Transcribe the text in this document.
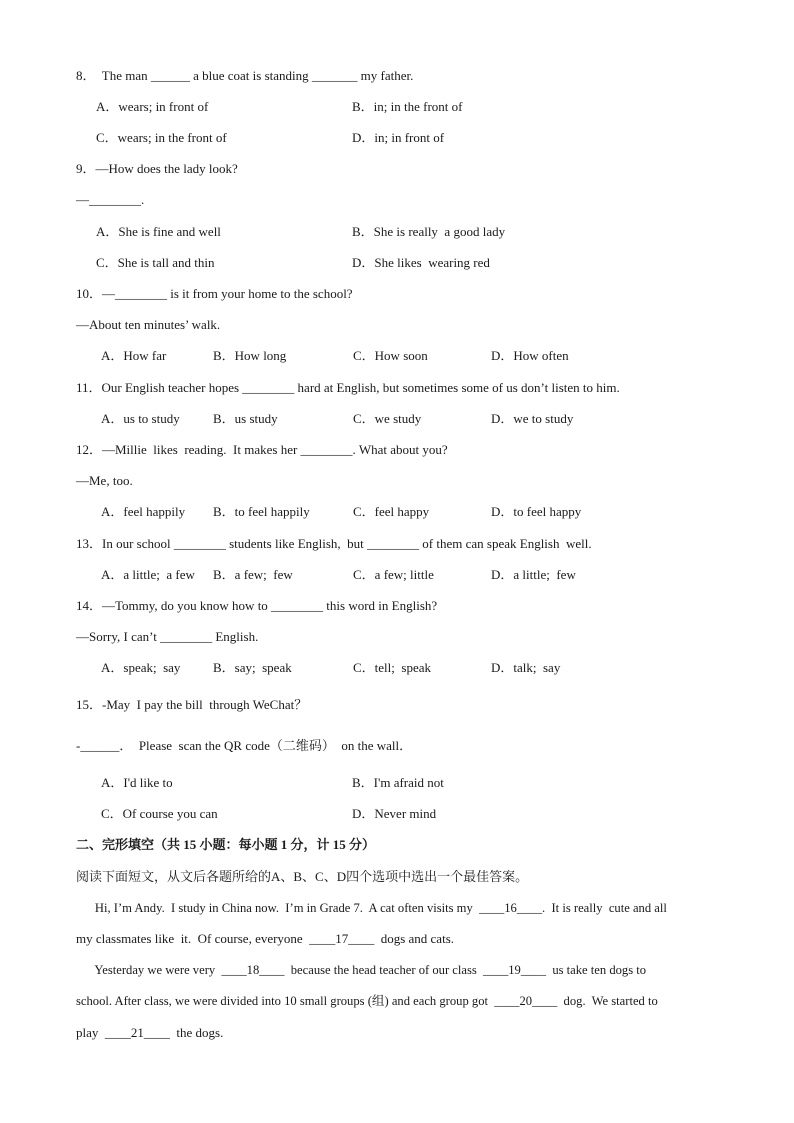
8．  The man ______ a blue coat is standing _______ my father.
A．wears; in front of	B．in; in the front of
C．wears; in the front of	D．in; in front of
9．—How does the lady look?
—________.
A．She is fine and well	B．She is really  a good lady
C．She is tall and thin	D．She likes  wearing red
10．—________ is it from your home to the school?
—About ten minutes’ walk.
A．How far	B．How long	C．How soon	D．How often
11．Our English teacher hopes ________ hard at English, but sometimes some of us don’t listen to him.
A．us to study	B．us study	C．we study	D．we to study
12．—Millie  likes  reading.  It makes her ________. What about you?
—Me, too.
A．feel happily B．to feel happily	C．feel happy	D．to feel happy
13．In our school ________ students like English,  but ________ of them can speak English  well.
A．a little;  a few B．a few;  few	C．a few; little	D．a little;  few
14．—Tommy, do you know how to ________ this word in English?
—Sorry, I can’t ________ English.
A．speak;  say	B．say;  speak	C．tell;  speak	D．talk;  say
15．-May  I pay the bill  through WeChat？
-______．  Please  scan the QR code（二维码）  on the wall．
A．I'd like to	B．I'm afraid not
C．Of course you can	D．Never mind
二、完形填空（共 15 小题：每小题 1 分，计 15 分）
阅读下面短文，从文后各题所给的A、B、C、D四个选项中选出一个最佳答案。
Hi, I’m Andy.  I study in China now.  I’m in Grade 7.  A cat often visits my  ____16____.  It is really  cute and all
my classmates like  it.  Of course, everyone  ____17____  dogs and cats.
Yesterday we were very  ____18____  because the head teacher of our class  ____19____  us take ten dogs to
school. After class, we were divided into 10 small groups (组) and each group got  ____20____  dog.  We started to
play  ____21____  the dogs.
